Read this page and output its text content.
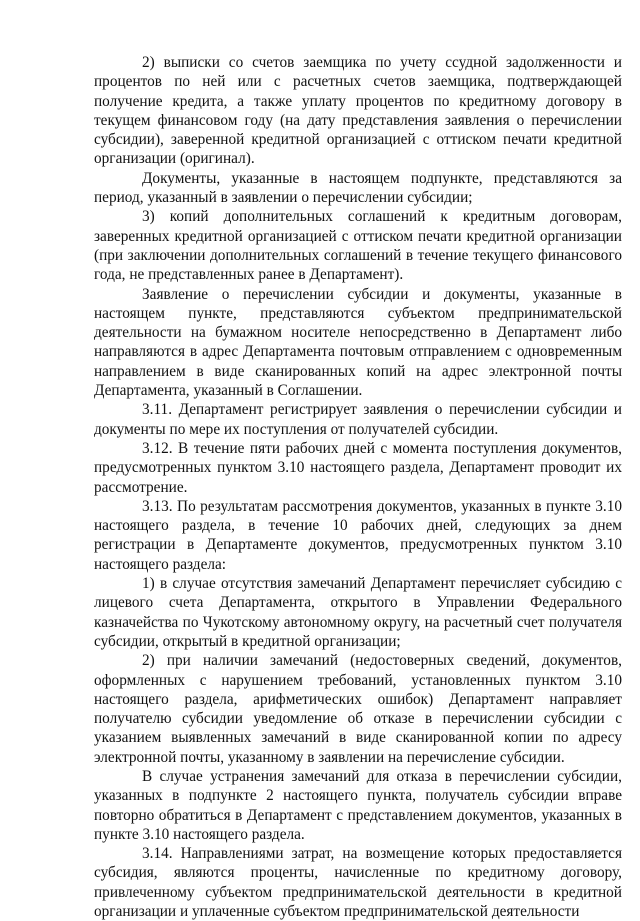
2) выписки со счетов заемщика по учету ссудной задолженности и процентов по ней или с расчетных счетов заемщика, подтверждающей получение кредита, а также уплату процентов по кредитному договору в текущем финансовом году (на дату представления заявления о перечислении субсидии), заверенной кредитной организацией с оттиском печати кредитной организации (оригинал).

Документы, указанные в настоящем подпункте, представляются за период, указанный в заявлении о перечислении субсидии;

3) копий дополнительных соглашений к кредитным договорам, заверенных кредитной организацией с оттиском печати кредитной организации (при заключении дополнительных соглашений в течение текущего финансового года, не представленных ранее в Департамент).

Заявление о перечислении субсидии и документы, указанные в настоящем пункте, представляются субъектом предпринимательской деятельности на бумажном носителе непосредственно в Департамент либо направляются в адрес Департамента почтовым отправлением с одновременным направлением в виде сканированных копий на адрес электронной почты Департамента, указанный в Соглашении.

3.11. Департамент регистрирует заявления о перечислении субсидии и документы по мере их поступления от получателей субсидии.

3.12. В течение пяти рабочих дней с момента поступления документов, предусмотренных пунктом 3.10 настоящего раздела, Департамент проводит их рассмотрение.

3.13. По результатам рассмотрения документов, указанных в пункте 3.10 настоящего раздела, в течение 10 рабочих дней, следующих за днем регистрации в Департаменте документов, предусмотренных пунктом 3.10 настоящего раздела:

1) в случае отсутствия замечаний Департамент перечисляет субсидию с лицевого счета Департамента, открытого в Управлении Федерального казначейства по Чукотскому автономному округу, на расчетный счет получателя субсидии, открытый в кредитной организации;

2) при наличии замечаний (недостоверных сведений, документов, оформленных с нарушением требований, установленных пунктом 3.10 настоящего раздела, арифметических ошибок) Департамент направляет получателю субсидии уведомление об отказе в перечислении субсидии с указанием выявленных замечаний в виде сканированной копии по адресу электронной почты, указанному в заявлении на перечисление субсидии.

В случае устранения замечаний для отказа в перечислении субсидии, указанных в подпункте 2 настоящего пункта, получатель субсидии вправе повторно обратиться в Департамент с представлением документов, указанных в пункте 3.10 настоящего раздела.

3.14. Направлениями затрат, на возмещение которых предоставляется субсидия, являются проценты, начисленные по кредитному договору, привлеченному субъектом предпринимательской деятельности в кредитной организации и уплаченные субъектом предпринимательской деятельности
